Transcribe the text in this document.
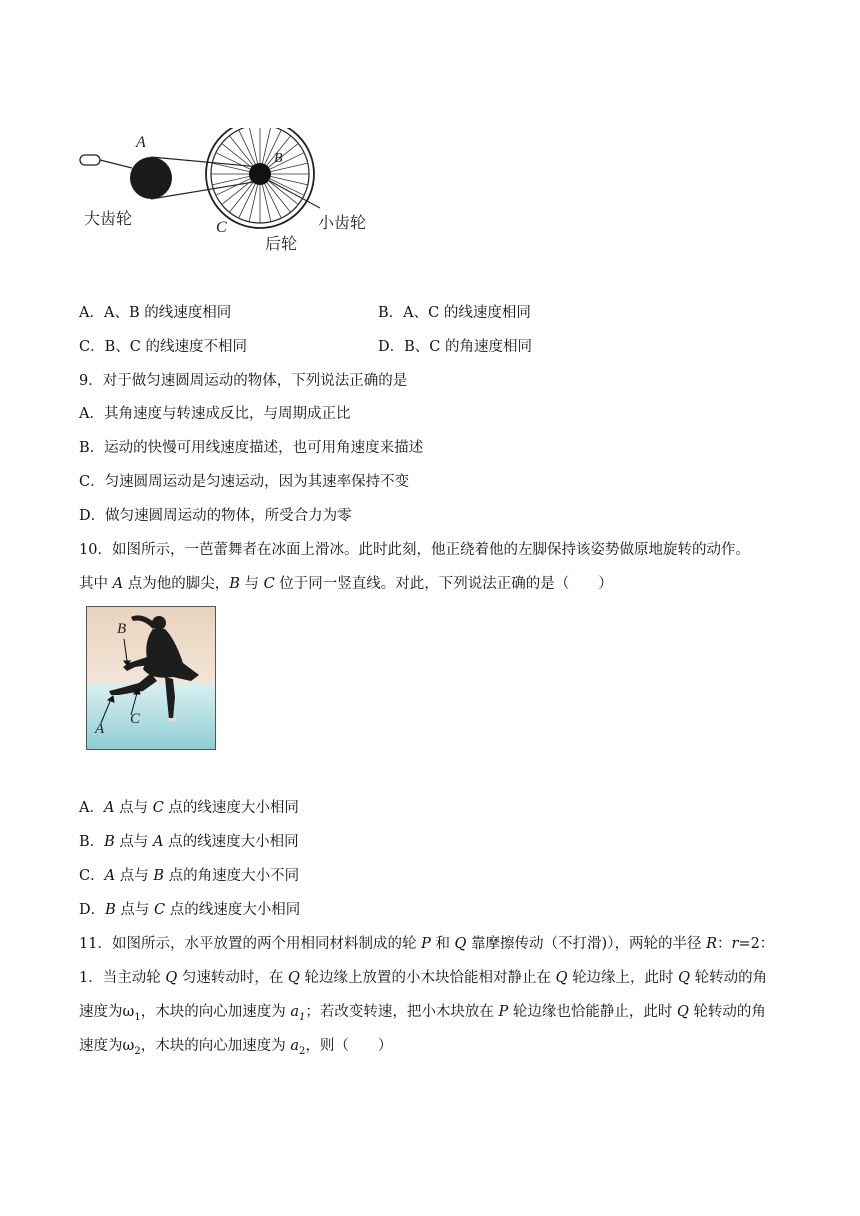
A
B
C
大齿轮	小齿轮
后轮
A．A、B 的线速度相同	B．A、C 的线速度相同
C．B、C 的线速度不相同	D．B、C 的角速度相同
9．对于做匀速圆周运动的物体，下列说法正确的是
A．其角速度与转速成反比，与周期成正比
B．运动的快慢可用线速度描述，也可用角速度来描述
C．匀速圆周运动是匀速运动，因为其速率保持不变
D．做匀速圆周运动的物体，所受合力为零
10．如图所示，一芭蕾舞者在冰面上滑冰。此时此刻，他正绕着他的左脚保持该姿势做原地旋转的动作。
其中 A 点为他的脚尖，B 与 C 位于同一竖直线。对此，下列说法正确的是（　　）
B
C
A
A．A 点与 C 点的线速度大小相同
B．B 点与 A 点的线速度大小相同
C．A 点与 B 点的角速度大小不同
D．B 点与 C 点的线速度大小相同
11．如图所示，水平放置的两个用相同材料制成的轮 P 和 Q 靠摩擦传动（不打滑)），两轮的半径 R：r=2：
1．当主动轮 Q 匀速转动时，在 Q 轮边缘上放置的小木块恰能相对静止在 Q 轮边缘上，此时 Q 轮转动的角
速度为$\omega_1$，木块的向心加速度为 $a_1$；若改变转速，把小木块放在 P 轮边缘也恰能静止，此时 Q 轮转动的角
速度为$\omega_2$，木块的向心加速度为 $a_2$，则（　　）
